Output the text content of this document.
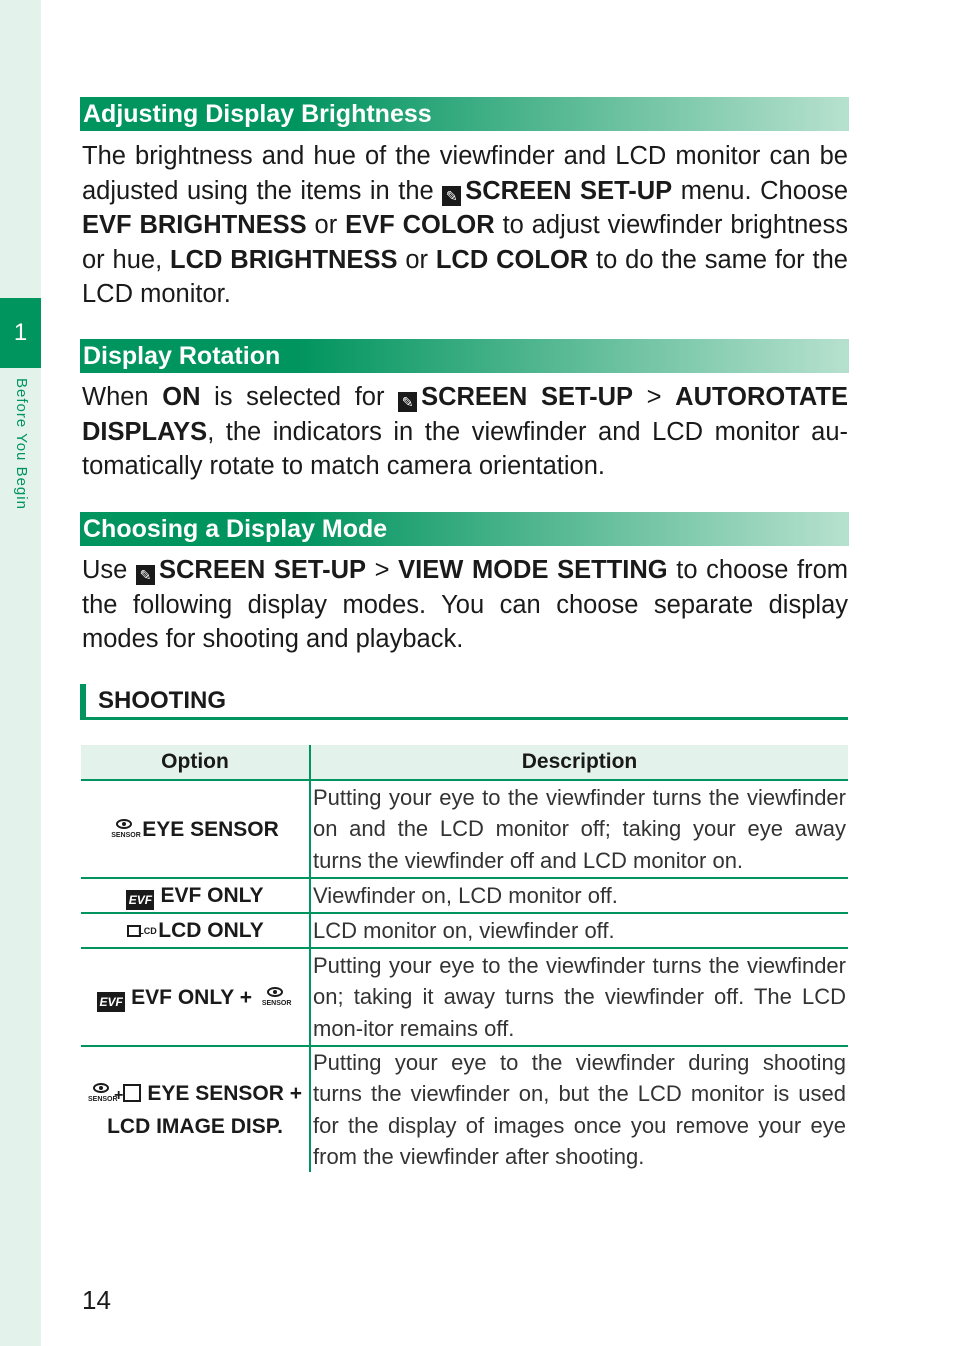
1
Before You Begin
Adjusting Display Brightness

The brightness and hue of the viewfinder and LCD monitor can be adjusted using the items in the ✎ SCREEN SET-UP menu. Choose EVF BRIGHTNESS or EVF COLOR to adjust viewfinder brightness or hue, LCD BRIGHTNESS or LCD COLOR to do the same for the LCD monitor.

Display Rotation

When ON is selected for ✎ SCREEN SET-UP > AUTOROTATE DISPLAYS, the indicators in the viewfinder and LCD monitor au-tomatically rotate to match camera orientation.

Choosing a Display Mode

Use ✎ SCREEN SET-UP > VIEW MODE SETTING to choose from the following display modes. You can choose separate display modes for shooting and playback.

SHOOTING
Option	Description

SENSOR EYE SENSOR	Putting your eye to the viewfinder turns the viewfinder on and the LCD monitor off; taking your eye away turns the viewfinder off and LCD monitor on.
EVF EVF ONLY	Viewfinder on, LCD monitor off.

LCD LCD ONLY	LCD monitor on, viewfinder off.
EVF EVF ONLY + SENSOR	Putting your eye to the viewfinder turns the viewfinder on; taking it away turns the viewfinder off. The LCD mon-itor remains off.

SENSOR
+ EYE SENSOR +
LCD IMAGE DISP.	Putting your eye to the viewfinder during shooting turns the viewfinder on, but the LCD monitor is used for the display of images once you remove your eye from the viewfinder after shooting.
14
